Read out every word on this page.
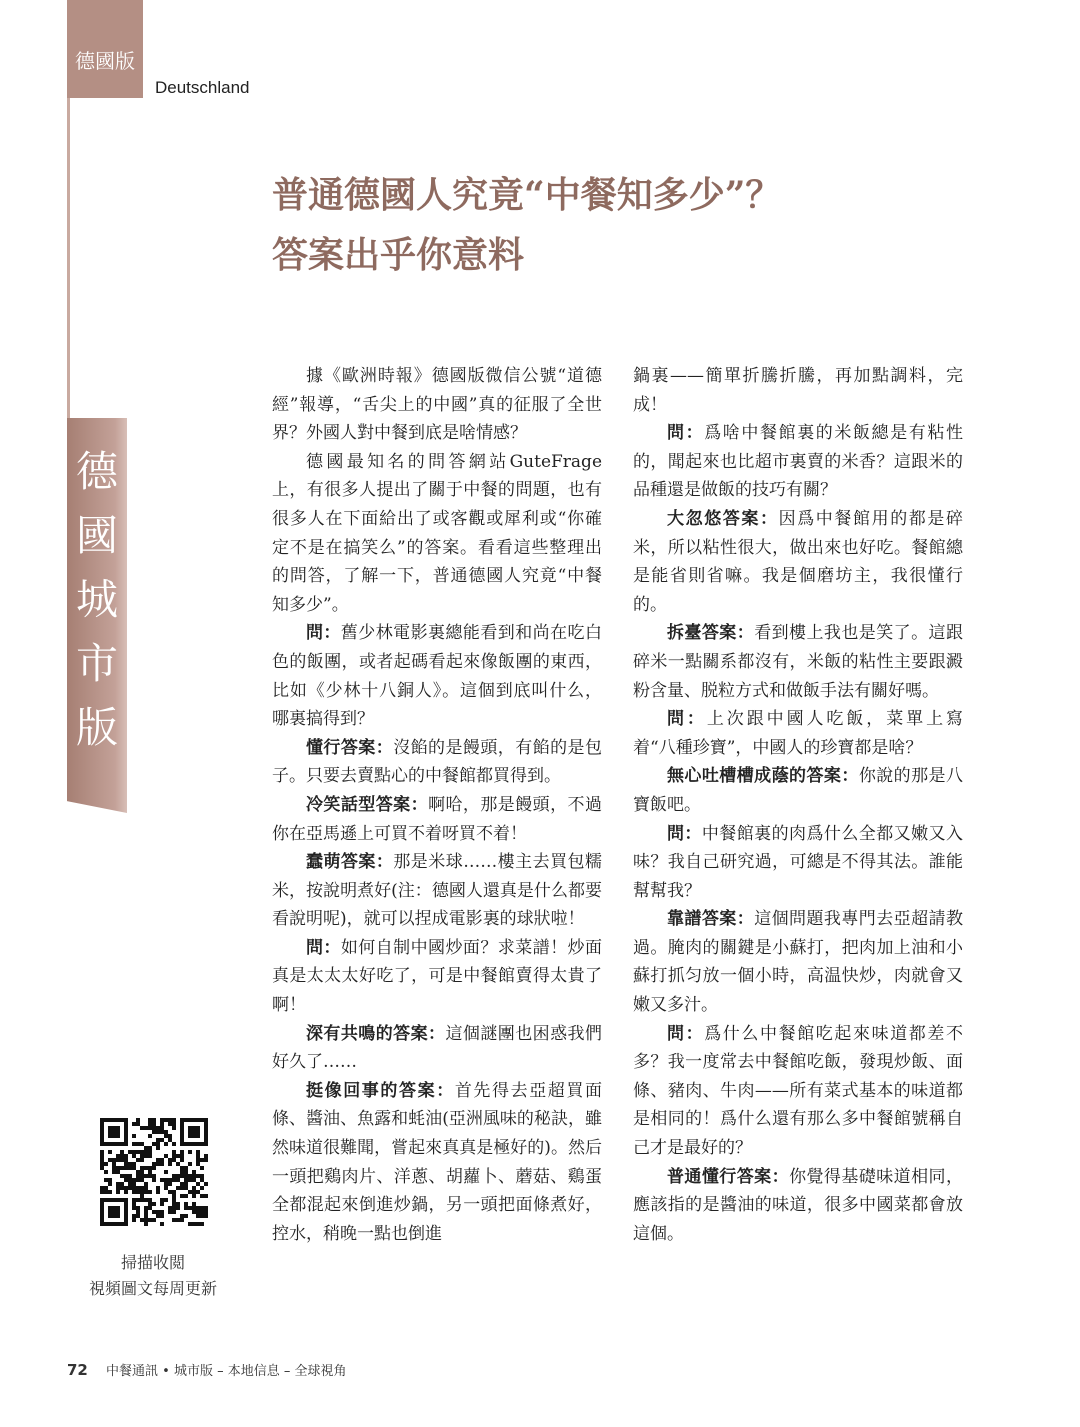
德國版
Deutschland
德
國
城
市
版
普通德國人究竟“中餐知多少”？
答案出乎你意料

據《歐洲時報》德國版微信公號“道德經”報導，“舌尖上的中國”真的征服了全世界？外國人對中餐到底是啥情感？

德國最知名的問答網站GuteFrage上，有很多人提出了關于中餐的問題，也有很多人在下面給出了或客觀或犀利或“你確定不是在搞笑么”的答案。看看這些整理出的問答，了解一下，普通德國人究竟“中餐知多少”。

問：舊少林電影裏總能看到和尚在吃白色的飯團，或者起碼看起來像飯團的東西，比如《少林十八銅人》。這個到底叫什么，哪裏搞得到？

懂行答案：沒餡的是饅頭，有餡的是包子。只要去賣點心的中餐館都買得到。

冷笑話型答案：啊哈，那是饅頭，不過你在亞馬遜上可買不着呀買不着！

蠢萌答案：那是米球……樓主去買包糯米，按說明煮好(注：德國人還真是什么都要看說明呢)，就可以捏成電影裏的球狀啦！

問：如何自制中國炒面？求菜譜！炒面真是太太太好吃了，可是中餐館賣得太貴了啊！

深有共鳴的答案：這個謎團也困惑我們好久了……

挺像回事的答案：首先得去亞超買面條、醬油、魚露和蚝油(亞洲風味的秘訣，雖然味道很難聞，嘗起來真真是極好的)。然后一頭把鷄肉片、洋蔥、胡蘿卜、蘑菇、鷄蛋全都混起來倒進炒鍋，另一頭把面條煮好，控水，稍晚一點也倒進

鍋裏——簡單折騰折騰，再加點調料，完成！

問：爲啥中餐館裏的米飯總是有粘性的，聞起來也比超市裏賣的米香？這跟米的品種還是做飯的技巧有關？

大忽悠答案：因爲中餐館用的都是碎米，所以粘性很大，做出來也好吃。餐館總是能省則省嘛。我是個磨坊主，我很懂行的。

拆臺答案：看到樓上我也是笑了。這跟碎米一點關系都沒有，米飯的粘性主要跟澱粉含量、脱粒方式和做飯手法有關好嗎。

問：上次跟中國人吃飯，菜單上寫着“八種珍寶”，中國人的珍寶都是啥？

無心吐槽槽成蔭的答案：你說的那是八寶飯吧。

問：中餐館裏的肉爲什么全都又嫩又入味？我自己研究過，可總是不得其法。誰能幫幫我？

靠譜答案：這個問題我專門去亞超請教過。腌肉的關鍵是小蘇打，把肉加上油和小蘇打抓匀放一個小時，高温快炒，肉就會又嫩又多汁。

問：爲什么中餐館吃起來味道都差不多？我一度常去中餐館吃飯，發現炒飯、面條、豬肉、牛肉——所有菜式基本的味道都是相同的！爲什么還有那么多中餐館號稱自己才是最好的？

普通懂行答案：你覺得基礎味道相同，應該指的是醬油的味道，很多中國菜都會放這個。

掃描收閲
視頻圖文每周更新
72 中餐通訊 • 城市版 – 本地信息 – 全球視角
